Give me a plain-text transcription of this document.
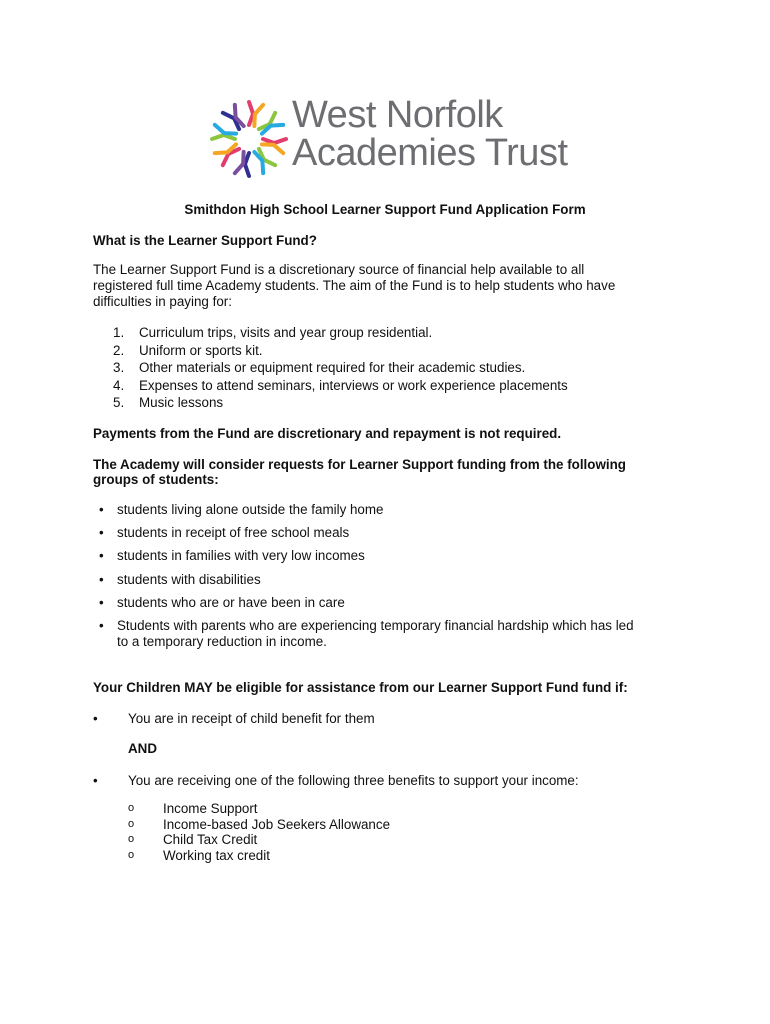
West Norfolk
Academies Trust

Smithdon High School Learner Support Fund Application Form

What is the Learner Support Fund?

The Learner Support Fund is a discretionary source of financial help available to all

registered full time Academy students. The aim of the Fund is to help students who have

difficulties in paying for:

1. Curriculum trips, visits and year group residential.
2. Uniform or sports kit.
3. Other materials or equipment required for their academic studies.
4. Expenses to attend seminars, interviews or work experience placements
5. Music lessons

Payments from the Fund are discretionary and repayment is not required.

The Academy will consider requests for Learner Support funding from the following

groups of students:

• students living alone outside the family home
• students in receipt of free school meals
• students in families with very low incomes
• students with disabilities
• students who are or have been in care
• Students with parents who are experiencing temporary financial hardship which has led
to a temporary reduction in income.

Your Children MAY be eligible for assistance from our Learner Support Fund fund if:

• You are in receipt of child benefit for them

AND

• You are receiving one of the following three benefits to support your income:
o Income Support
o Income-based Job Seekers Allowance
o Child Tax Credit
o Working tax credit
